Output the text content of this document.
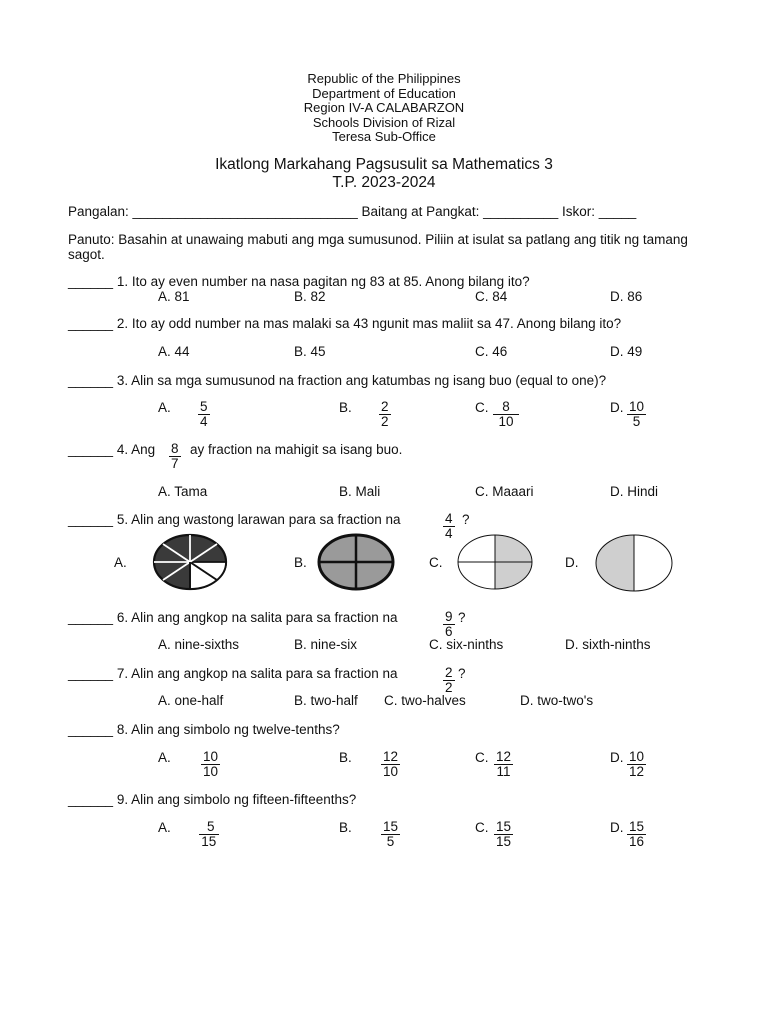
Republic of the Philippines
Department of Education
Region IV-A CALABARZON
Schools Division of Rizal
Teresa Sub-Office
Ikatlong Markahang Pagsusulit sa Mathematics 3
T.P. 2023-2024
Pangalan: ______________________________ Baitang at Pangkat: __________ Iskor: _____
Panuto: Basahin at unawaing mabuti ang mga sumusunod. Piliin at isulat sa patlang ang titik ng tamang sagot.
______ 1. Ito ay even number na nasa pagitan ng 83 at 85. Anong bilang ito?
A. 81	B. 82	C. 84	D. 86
______ 2. Ito ay odd number na mas malaki sa 43 ngunit mas maliit sa 47. Anong bilang ito?
A. 44	B. 45	C. 46	D. 49
______ 3. Alin sa mga sumusunod na fraction ang katumbas ng isang buo (equal to one)?
A. $\frac{5}{4}$	B. $\frac{2}{2}$	C. $\frac{8}{10}$	D. $\frac{10}{5}$
______ 4. Ang $\frac{8}{7}$ ay fraction na mahigit sa isang buo.
A. Tama	B. Mali	C. Maaari	D. Hindi
______ 5. Alin ang wastong larawan para sa fraction na	$\frac{4}{4}$ ?
A.	B.	C.	D.
______ 6. Alin ang angkop na salita para sa fraction na	$\frac{9}{6}$ ?
A. nine-sixths	B. nine-six	C. six-ninths	D. sixth-ninths
______ 7. Alin ang angkop na salita para sa fraction na	$\frac{2}{2}$ ?
A. one-half	B. two-half C. two-halves	D. two-two's
______ 8. Alin ang simbolo ng twelve-tenths?
A. $\frac{10}{10}$	B. $\frac{12}{10}$	C. $\frac{12}{11}$	D. $\frac{10}{12}$
______ 9. Alin ang simbolo ng fifteen-fifteenths?
A. $\frac{5}{15}$	B. $\frac{15}{5}$	C. $\frac{15}{15}$	D. $\frac{15}{16}$
